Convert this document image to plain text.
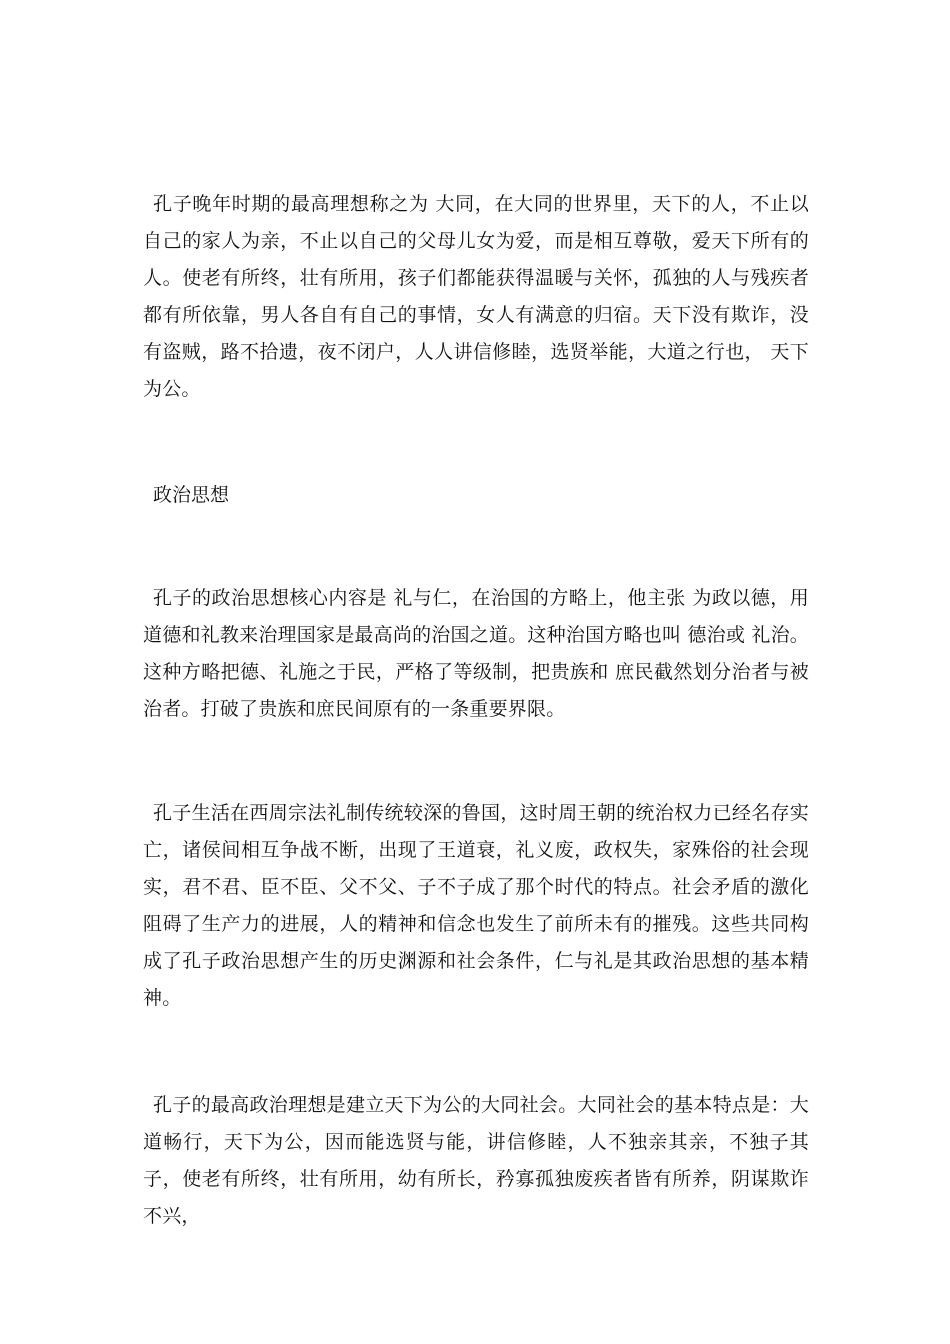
孔子晚年时期的最高理想称之为 大同，在大同的世界里，天下的人，不止以自己的家人为亲，不止以自己的父母儿女为爱，而是相互尊敬，爱天下所有的人。使老有所终，壮有所用，孩子们都能获得温暖与关怀，孤独的人与残疾者都有所依靠，男人各自有自己的事情，女人有满意的归宿。天下没有欺诈，没有盗贼，路不拾遗，夜不闭户，人人讲信修睦，选贤举能，大道之行也， 天下为公。

政治思想

孔子的政治思想核心内容是 礼与仁，在治国的方略上，他主张 为政以德，用道德和礼教来治理国家是最高尚的治国之道。这种治国方略也叫 德治或 礼治。这种方略把德、礼施之于民，严格了等级制，把贵族和 庶民截然划分治者与被治者。打破了贵族和庶民间原有的一条重要界限。

孔子生活在西周宗法礼制传统较深的鲁国，这时周王朝的统治权力已经名存实亡，诸侯间相互争战不断，出现了王道衰，礼义废，政权失，家殊俗的社会现实，君不君、臣不臣、父不父、子不子成了那个时代的特点。社会矛盾的激化阻碍了生产力的进展，人的精神和信念也发生了前所未有的摧残。这些共同构成了孔子政治思想产生的历史渊源和社会条件，仁与礼是其政治思想的基本精神。

孔子的最高政治理想是建立天下为公的大同社会。大同社会的基本特点是：大道畅行，天下为公，因而能选贤与能，讲信修睦，人不独亲其亲，不独子其子，使老有所终，壮有所用，幼有所长，矜寡孤独废疾者皆有所养，阴谋欺诈不兴，
